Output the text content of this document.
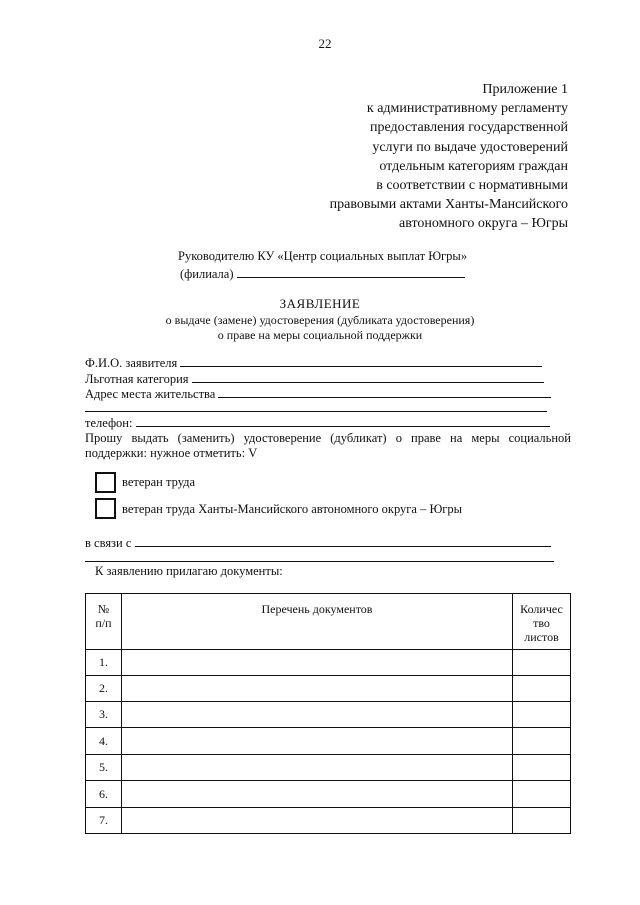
22
Приложение 1
к административному регламенту
предоставления государственной
услуги по выдаче удостоверений
отдельным категориям граждан
в соответствии с нормативными
правовыми актами Ханты-Мансийского
автономного округа – Югры
Руководителю КУ «Центр социальных выплат Югры»
(филиала)
ЗАЯВЛЕНИЕ
о выдаче (замене) удостоверения (дубликата удостоверения)
о праве на меры социальной поддержки
Ф.И.О. заявителя
Льготная категория
Адрес места жительства
телефон:
Прошу выдать (заменить) удостоверение (дубликат) о праве на меры социальной поддержки: нужное отметить: V
ветеран труда
ветеран труда Ханты-Мансийского автономного округа – Югры
в связи с
К заявлению прилагаю документы:
№
п/п	Перечень документов	Количес
тво
листов
1.		
2.		
3.		
4.		
5.		
6.		
7.		
